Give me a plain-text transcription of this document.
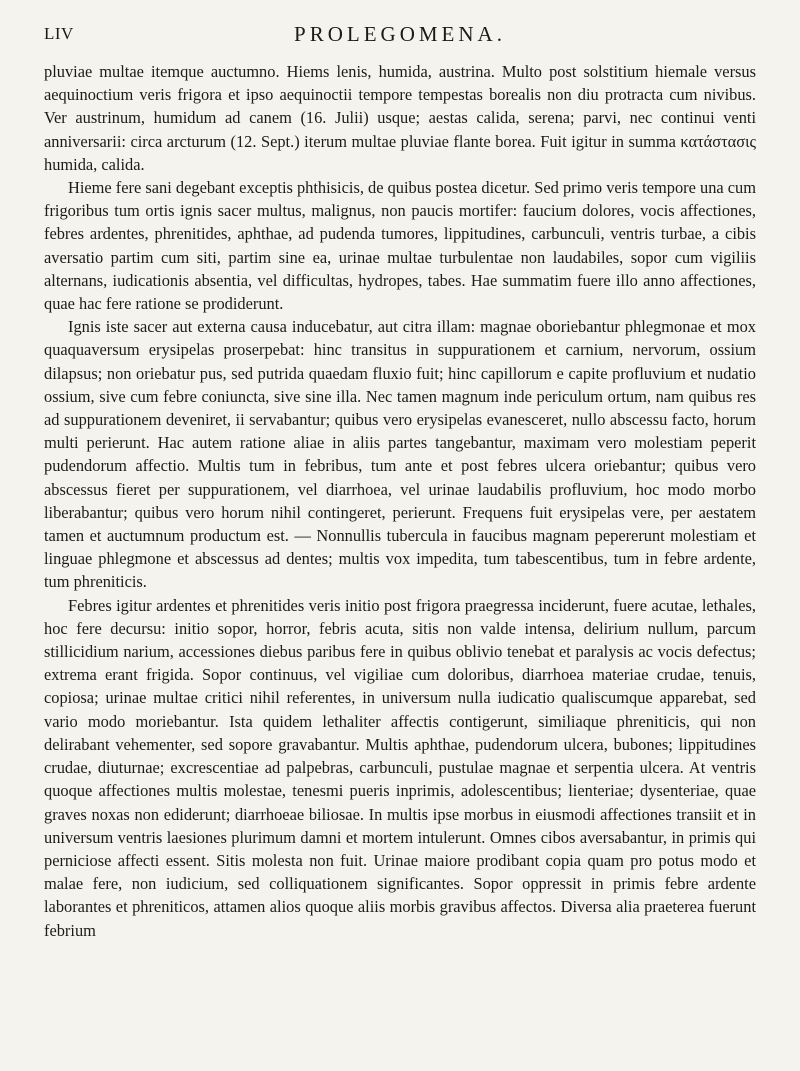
LIV	PROLEGOMENA.

pluviae multae itemque auctumno. Hiems lenis, humida, austrina. Multo post solstitium hiemale versus aequinoctium veris frigora et ipso aequinoctii tempore tempestas borealis non diu protracta cum nivibus. Ver austrinum, humidum ad canem (16. Julii) usque; aestas calida, serena; parvi, nec continui venti anniversarii: circa arcturum (12. Sept.) iterum multae pluviae flante borea. Fuit igitur in summa κατάστασις humida, calida.

Hieme fere sani degebant exceptis phthisicis, de quibus postea dicetur. Sed primo veris tempore una cum frigoribus tum ortis ignis sacer multus, malignus, non paucis mortifer: faucium dolores, vocis affectiones, febres ardentes, phrenitides, aphthae, ad pudenda tumores, lippitudines, carbunculi, ventris turbae, a cibis aversatio partim cum siti, partim sine ea, urinae multae turbulentae non laudabiles, sopor cum vigiliis alternans, iudicationis absentia, vel difficultas, hydropes, tabes. Hae summatim fuere illo anno affectiones, quae hac fere ratione se prodiderunt.

Ignis iste sacer aut externa causa inducebatur, aut citra illam: magnae oboriebantur phlegmonae et mox quaquaversum erysipelas proserpebat: hinc transitus in suppurationem et carnium, nervorum, ossium dilapsus; non oriebatur pus, sed putrida quaedam fluxio fuit; hinc capillorum e capite profluvium et nudatio ossium, sive cum febre coniuncta, sive sine illa. Nec tamen magnum inde periculum ortum, nam quibus res ad suppurationem deveniret, ii servabantur; quibus vero erysipelas evanesceret, nullo abscessu facto, horum multi perierunt. Hac autem ratione aliae in aliis partes tangebantur, maximam vero molestiam peperit pudendorum affectio. Multis tum in febribus, tum ante et post febres ulcera oriebantur; quibus vero abscessus fieret per suppurationem, vel diarrhoea, vel urinae laudabilis profluvium, hoc modo morbo liberabantur; quibus vero horum nihil contingeret, perierunt. Frequens fuit erysipelas vere, per aestatem tamen et auctumnum productum est. — Nonnullis tubercula in faucibus magnam pepererunt molestiam et linguae phlegmone et abscessus ad dentes; multis vox impedita, tum tabescentibus, tum in febre ardente, tum phreniticis.

Febres igitur ardentes et phrenitides veris initio post frigora praegressa inciderunt, fuere acutae, lethales, hoc fere decursu: initio sopor, horror, febris acuta, sitis non valde intensa, delirium nullum, parcum stillicidium narium, accessiones diebus paribus fere in quibus oblivio tenebat et paralysis ac vocis defectus; extrema erant frigida. Sopor continuus, vel vigiliae cum doloribus, diarrhoea materiae crudae, tenuis, copiosa; urinae multae critici nihil referentes, in universum nulla iudicatio qualiscumque apparebat, sed vario modo moriebantur. Ista quidem lethaliter affectis contigerunt, similiaque phreniticis, qui non delirabant vehementer, sed sopore gravabantur. Multis aphthae, pudendorum ulcera, bubones; lippitudines crudae, diuturnae; excrescentiae ad palpebras, carbunculi, pustulae magnae et serpentia ulcera. At ventris quoque affectiones multis molestae, tenesmi pueris inprimis, adolescentibus; lienteriae; dysenteriae, quae graves noxas non ediderunt; diarrhoeae biliosae. In multis ipse morbus in eiusmodi affectiones transiit et in universum ventris laesiones plurimum damni et mortem intulerunt. Omnes cibos aversabantur, in primis qui perniciose affecti essent. Sitis molesta non fuit. Urinae maiore prodibant copia quam pro potus modo et malae fere, non iudicium, sed colliquationem significantes. Sopor oppressit in primis febre ardente laborantes et phreniticos, attamen alios quoque aliis morbis gravibus affectos. Diversa alia praeterea fuerunt febrium
